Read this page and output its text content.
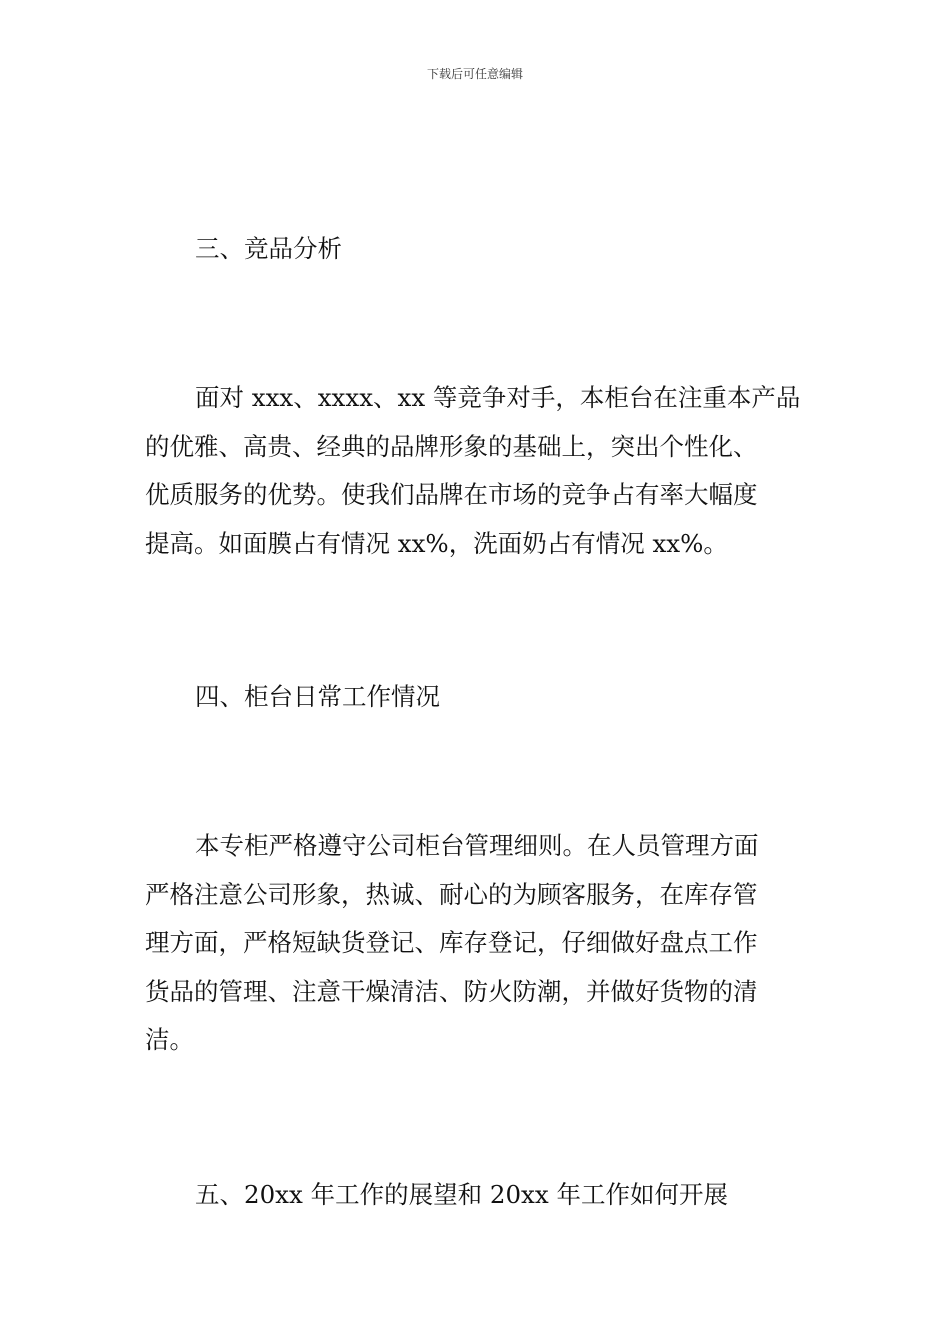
下载后可任意编辑
三、竞品分析
面对 xxx、xxxx、xx 等竞争对手，本柜台在注重本产品
的优雅、高贵、经典的品牌形象的基础上，突出个性化、
优质服务的优势。使我们品牌在市场的竞争占有率大幅度
提高。如面膜占有情况 xx%，洗面奶占有情况 xx%。
四、柜台日常工作情况
本专柜严格遵守公司柜台管理细则。在人员管理方面
严格注意公司形象，热诚、耐心的为顾客服务，在库存管
理方面，严格短缺货登记、库存登记，仔细做好盘点工作
货品的管理、注意干燥清洁、防火防潮，并做好货物的清
洁。
五、20xx 年工作的展望和 20xx 年工作如何开展
